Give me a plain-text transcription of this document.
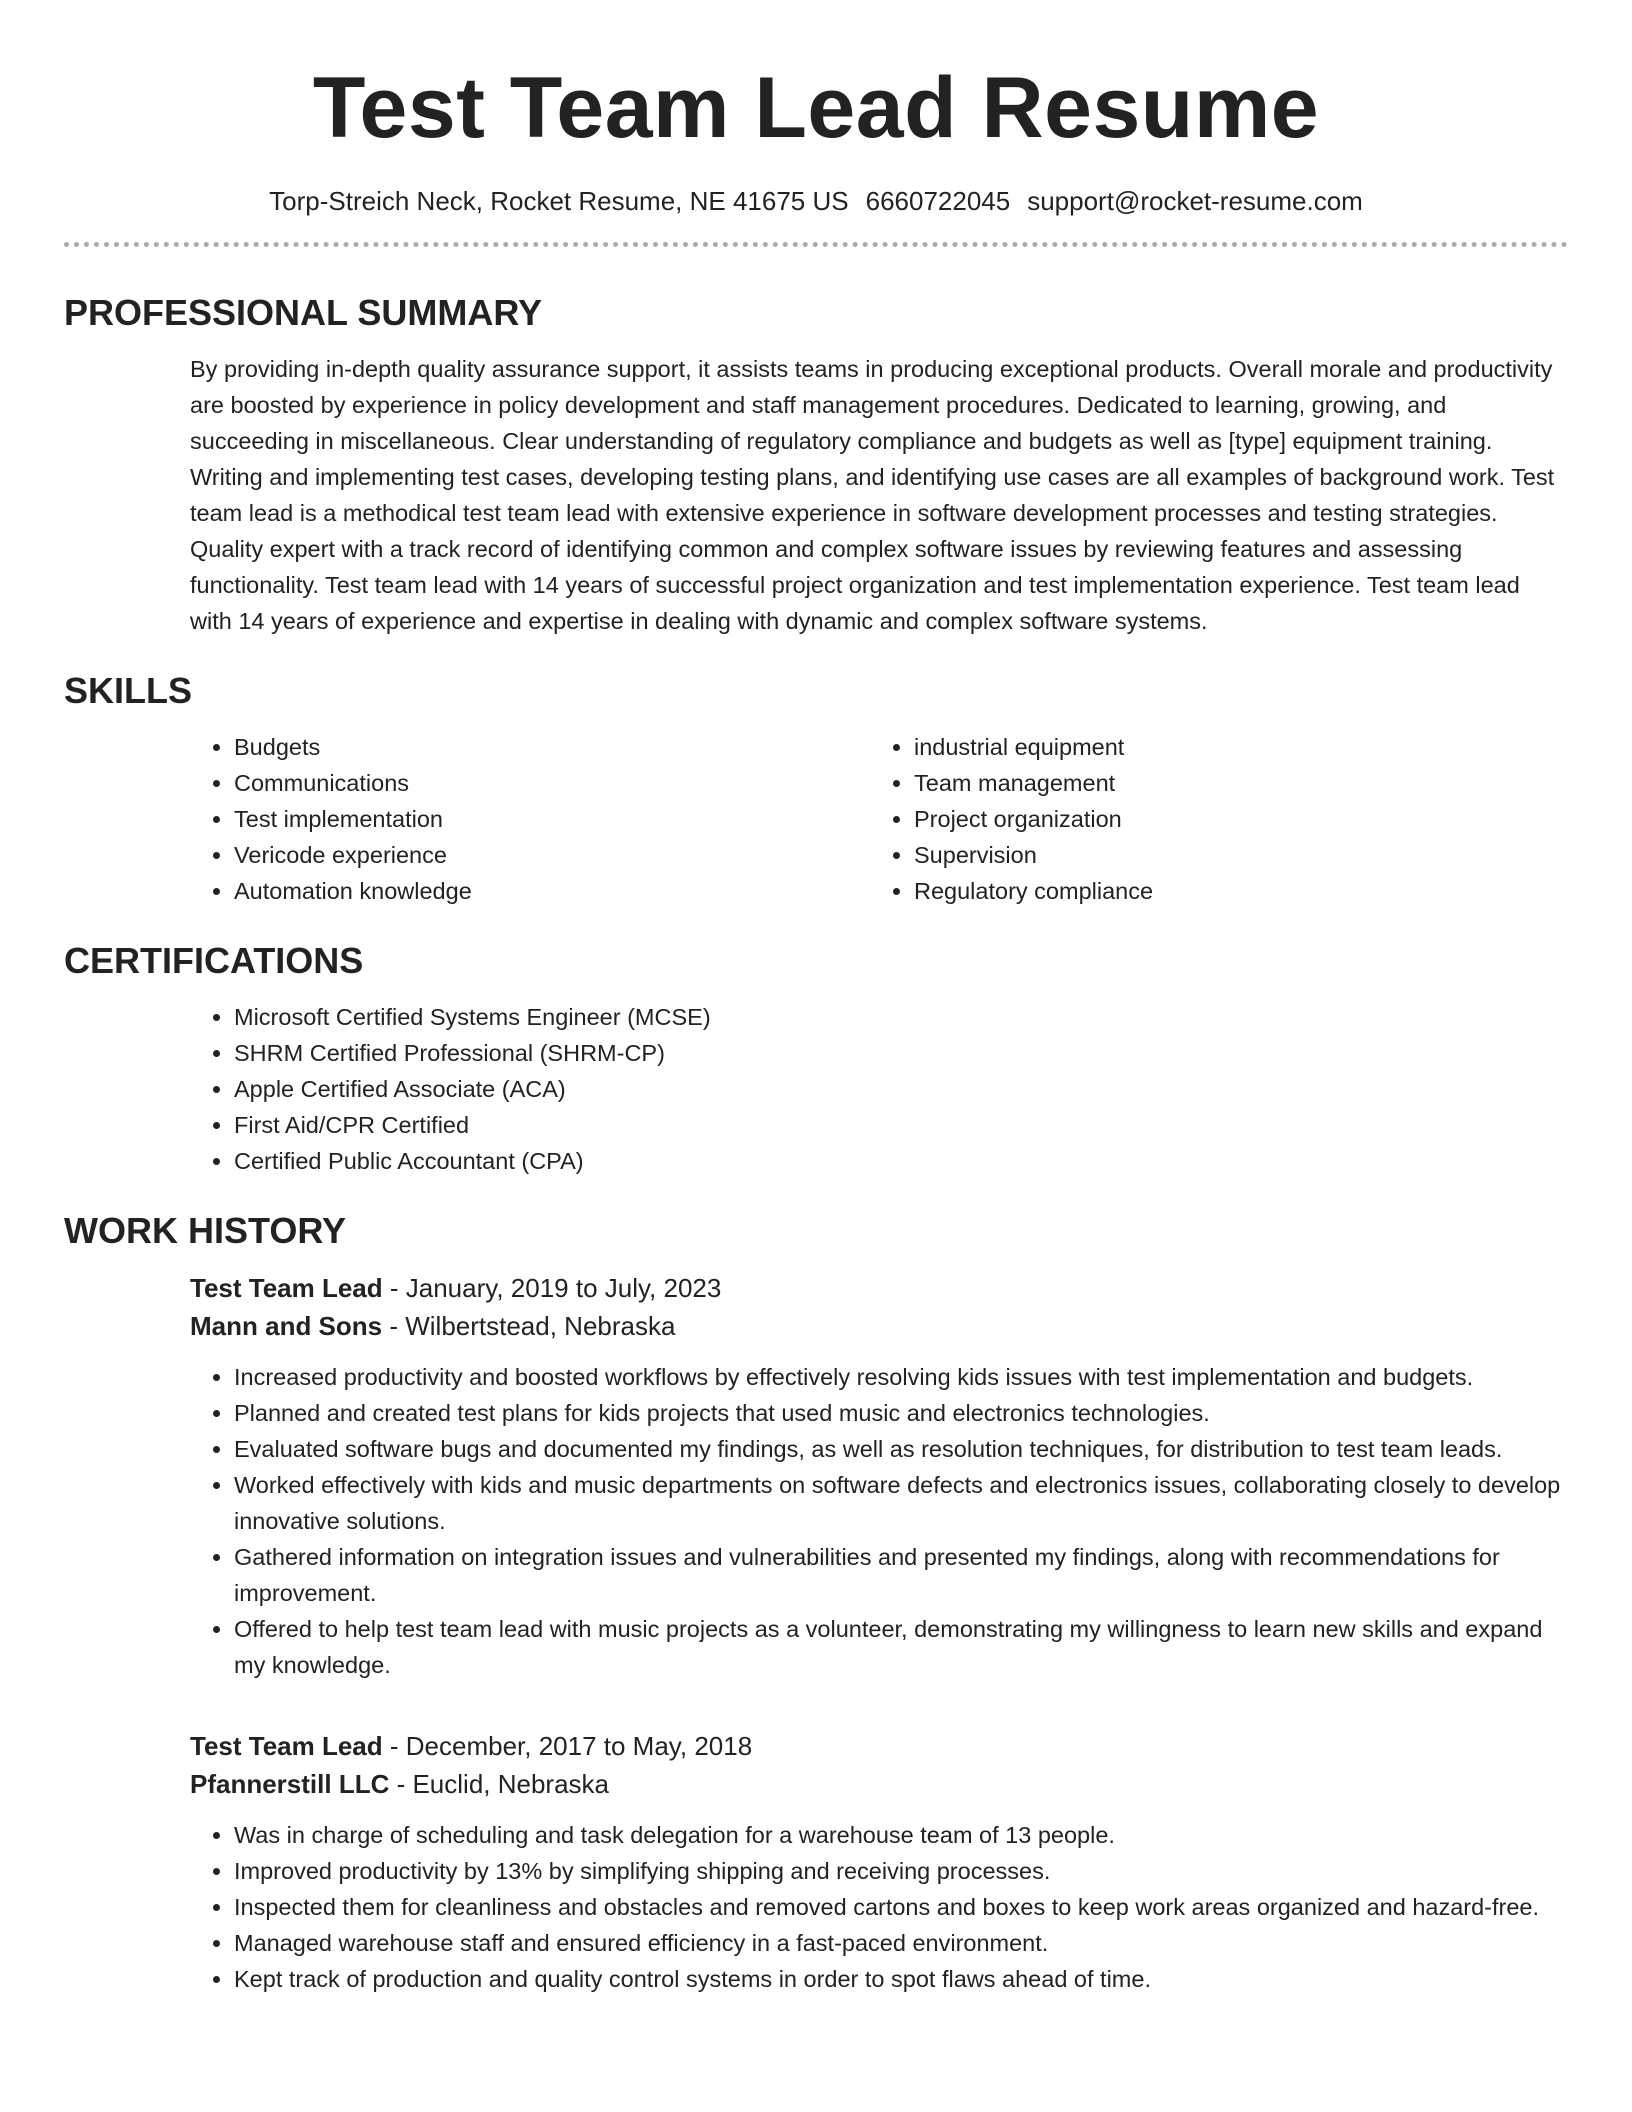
Test Team Lead Resume
Torp-Streich Neck, Rocket Resume, NE 41675 US 6660722045 support@rocket-resume.com
PROFESSIONAL SUMMARY

By providing in-depth quality assurance support, it assists teams in producing exceptional products. Overall morale and productivity are boosted by experience in policy development and staff management procedures. Dedicated to learning, growing, and succeeding in miscellaneous. Clear understanding of regulatory compliance and budgets as well as [type] equipment training. Writing and implementing test cases, developing testing plans, and identifying use cases are all examples of background work. Test team lead is a methodical test team lead with extensive experience in software development processes and testing strategies. Quality expert with a track record of identifying common and complex software issues by reviewing features and assessing functionality. Test team lead with 14 years of successful project organization and test implementation experience. Test team lead with 14 years of experience and expertise in dealing with dynamic and complex software systems.

SKILLS
• Budgets
• Communications
• Test implementation
• Vericode experience
• Automation knowledge
• industrial equipment
• Team management
• Project organization
• Supervision
• Regulatory compliance
CERTIFICATIONS
• Microsoft Certified Systems Engineer (MCSE)
• SHRM Certified Professional (SHRM-CP)
• Apple Certified Associate (ACA)
• First Aid/CPR Certified
• Certified Public Accountant (CPA)
WORK HISTORY
Test Team Lead - January, 2019 to July, 2023
Mann and Sons - Wilbertstead, Nebraska
• Increased productivity and boosted workflows by effectively resolving kids issues with test implementation and budgets.
• Planned and created test plans for kids projects that used music and electronics technologies.
• Evaluated software bugs and documented my findings, as well as resolution techniques, for distribution to test team leads.
• Worked effectively with kids and music departments on software defects and electronics issues, collaborating closely to develop innovative solutions.
• Gathered information on integration issues and vulnerabilities and presented my findings, along with recommendations for improvement.
• Offered to help test team lead with music projects as a volunteer, demonstrating my willingness to learn new skills and expand my knowledge.
Test Team Lead - December, 2017 to May, 2018
Pfannerstill LLC - Euclid, Nebraska
• Was in charge of scheduling and task delegation for a warehouse team of 13 people.
• Improved productivity by 13% by simplifying shipping and receiving processes.
• Inspected them for cleanliness and obstacles and removed cartons and boxes to keep work areas organized and hazard-free.
• Managed warehouse staff and ensured efficiency in a fast-paced environment.
• Kept track of production and quality control systems in order to spot flaws ahead of time.
